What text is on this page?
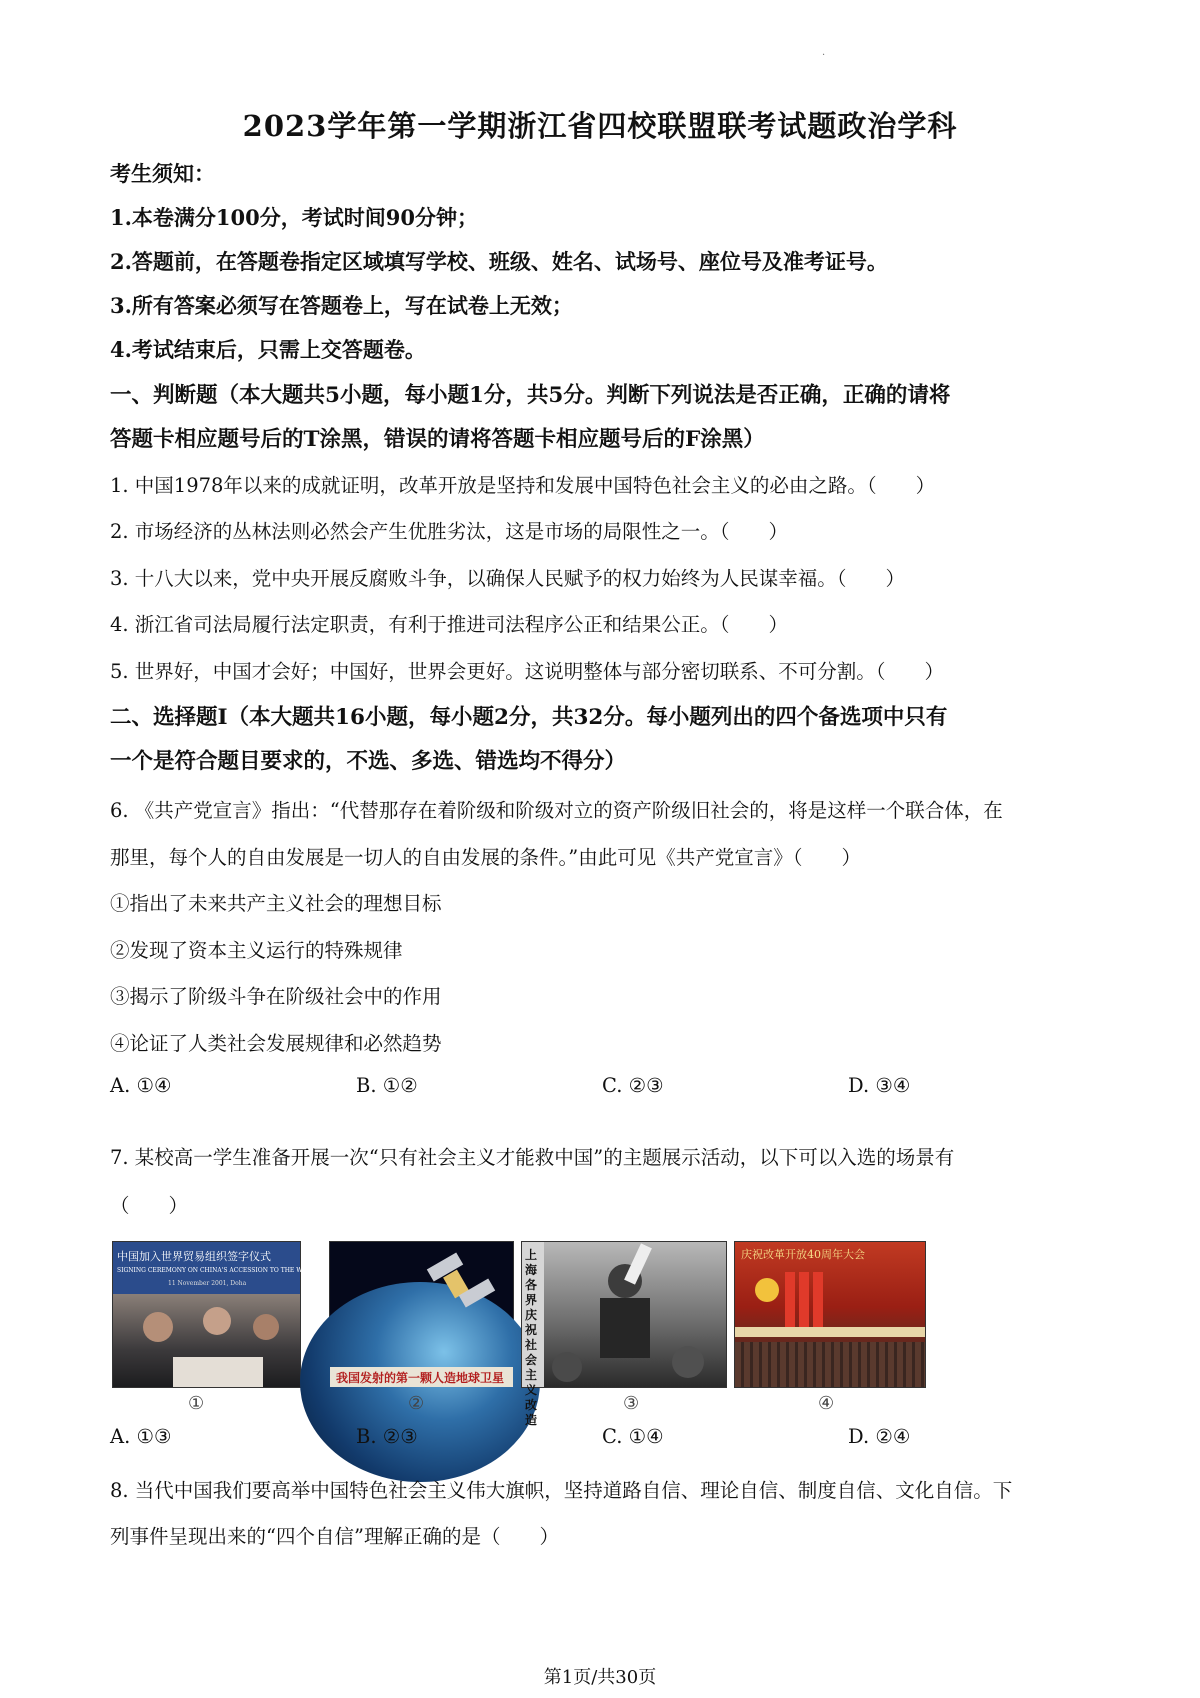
·
2023学年第一学期浙江省四校联盟联考试题政治学科
考生须知：
1.本卷满分100分，考试时间90分钟；
2.答题前，在答题卷指定区域填写学校、班级、姓名、试场号、座位号及准考证号。
3.所有答案必须写在答题卷上，写在试卷上无效；
4.考试结束后，只需上交答题卷。
一、判断题（本大题共5小题，每小题1分，共5分。判断下列说法是否正确，正确的请将
答题卡相应题号后的T涂黑，错误的请将答题卡相应题号后的F涂黑）
1. 中国1978年以来的成就证明，改革开放是坚持和发展中国特色社会主义的必由之路。（　　）
2. 市场经济的丛林法则必然会产生优胜劣汰，这是市场的局限性之一。（　　）
3. 十八大以来，党中央开展反腐败斗争，以确保人民赋予的权力始终为人民谋幸福。（　　）
4. 浙江省司法局履行法定职责，有利于推进司法程序公正和结果公正。（　　）
5. 世界好，中国才会好；中国好，世界会更好。这说明整体与部分密切联系、不可分割。（　　）
二、选择题Ⅰ（本大题共16小题，每小题2分，共32分。每小题列出的四个备选项中只有
一个是符合题目要求的，不选、多选、错选均不得分）
6. 《共产党宣言》指出：“代替那存在着阶级和阶级对立的资产阶级旧社会的，将是这样一个联合体，在
那里，每个人的自由发展是一切人的自由发展的条件。”由此可见《共产党宣言》（　　）
①指出了未来共产主义社会的理想目标
②发现了资本主义运行的特殊规律
③揭示了阶级斗争在阶级社会中的作用
④论证了人类社会发展规律和必然趋势
A. ①④	B. ①②	C. ②③	D. ③④
7. 某校高一学生准备开展一次“只有社会主义才能救中国”的主题展示活动，以下可以入选的场景有
（　　）
中国加入世界贸易组织签字仪式
SIGNING CEREMONY ON CHINA'S ACCESSION TO THE WTO
11 November 2001, Doha
①
我国发射的第一颗人造地球卫星
②
上海各界庆祝社会主义改造
③
庆祝改革开放40周年大会
④
A. ①③	B. ②③	C. ①④	D. ②④
8. 当代中国我们要高举中国特色社会主义伟大旗帜，坚持道路自信、理论自信、制度自信、文化自信。下
列事件呈现出来的“四个自信”理解正确的是（　　）
第1页/共30页
